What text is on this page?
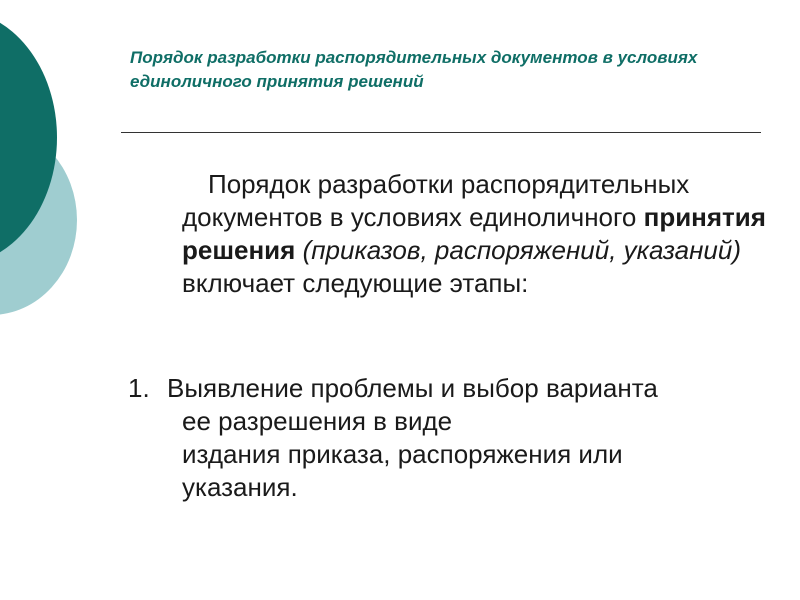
Порядок разработки распорядительных документов в условиях единоличного принятия решений

Порядок разработки распорядительных документов в условиях единоличного принятия решения (приказов, распоряжений, указаний) включает следующие этапы:

1. Выявление проблемы и выбор варианта
ее разрешения в виде
издания приказа, распоряжения или
указания.
